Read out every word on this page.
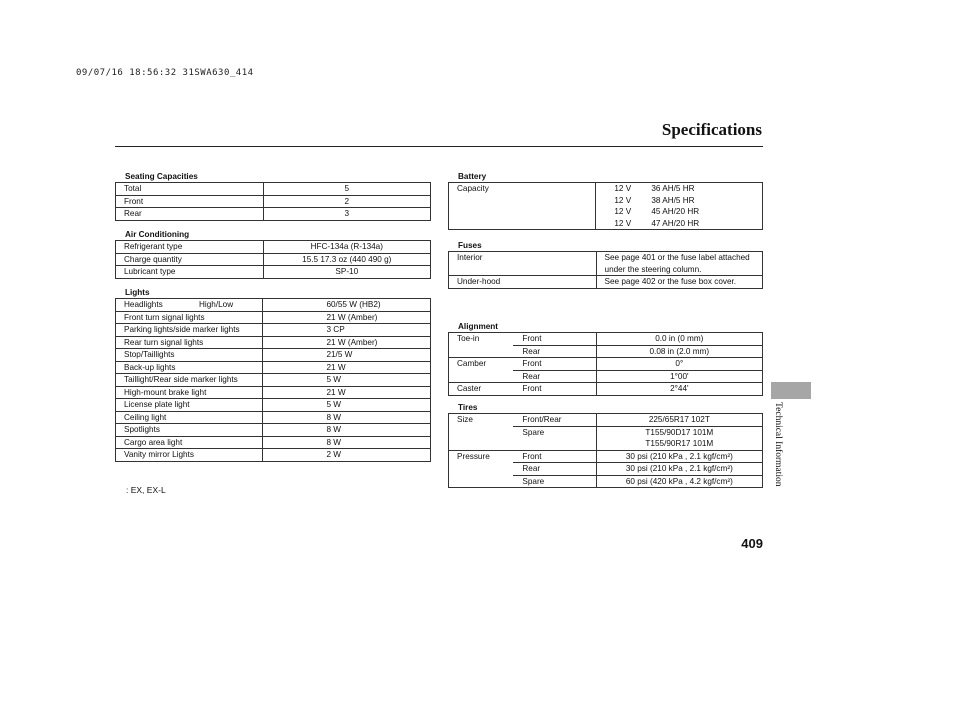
09/07/16 18:56:32 31SWA630_414
Specifications
Technical Information
409
: EX, EX-L
Seating Capacities
Total	5
Front	2
Rear	3
Air Conditioning
Refrigerant type	HFC-134a (R-134a)
Charge quantity	15.5 17.3 oz (440 490 g)
Lubricant type	SP-10
Lights
Headlights High/Low	60/55 W (HB2)
Front turn signal lights	21 W (Amber)
Parking lights/side marker lights	3 CP
Rear turn signal lights	21 W (Amber)
Stop/Taillights	21/5 W
Back-up lights	21 W
Taillight/Rear side marker lights	5 W
High-mount brake light	21 W
License plate light	5 W
Ceiling light	8 W
Spotlights	8 W
Cargo area light	8 W
Vanity mirror Lights	2 W
Battery
Capacity	12 V 36 AH/5 HR
12 V 38 AH/5 HR
12 V 45 AH/20 HR
12 V 47 AH/20 HR
Fuses
Interior	See page 401 or the fuse label attached under the steering column.
Under-hood	See page 402 or the fuse box cover.
Alignment
Toe-in	Front	0.0 in (0 mm)
	Rear	0.08 in (2.0 mm)
Camber	Front	0°
	Rear	1°00'
Caster	Front	2°44'
Tires
Size	Front/Rear	225/65R17 102T

	Spare	T155/90D17 101M
T155/90R17 101M

Pressure	Front	30 psi (210 kPa , 2.1 kgf/cm²)

	Rear	30 psi (210 kPa , 2.1 kgf/cm²)

	Spare	60 psi (420 kPa , 4.2 kgf/cm²)
